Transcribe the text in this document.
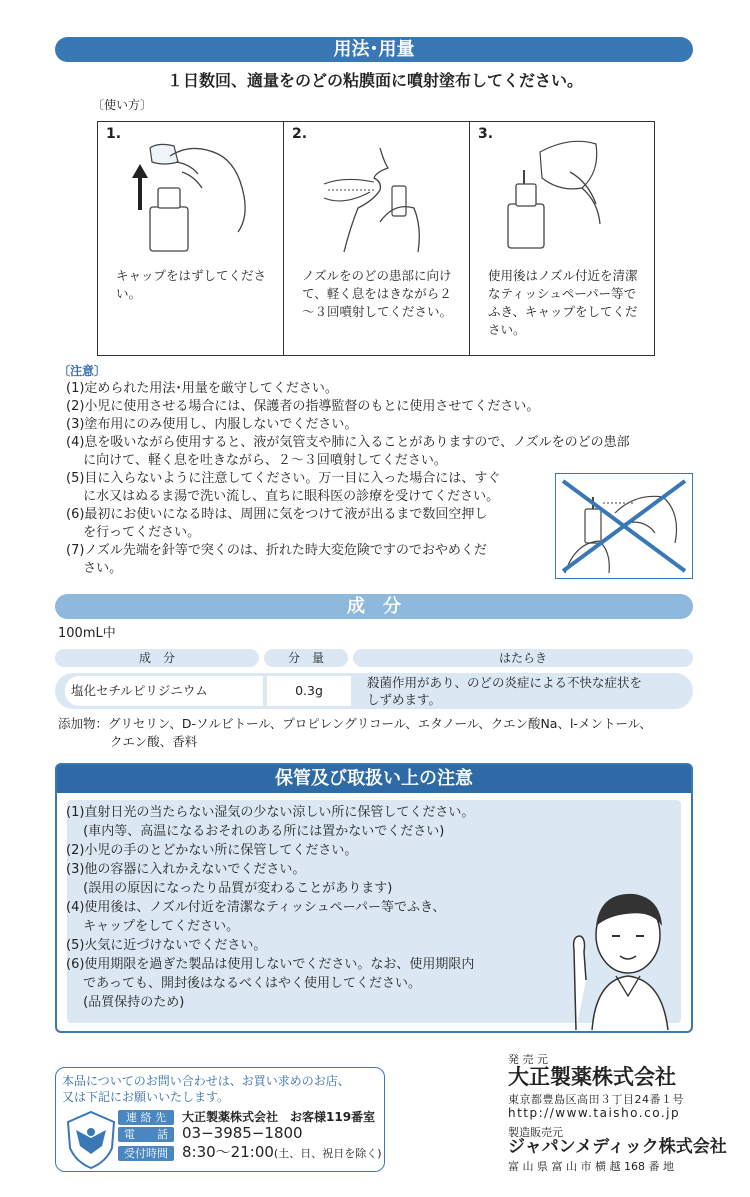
用法･用量
１日数回、適量をのどの粘膜面に噴射塗布してください。
〔使い方〕
1.
キャップをはずしてください。
2.
ノズルをのどの患部に向けて、軽く息をはきながら２～３回噴射してください。
3.
使用後はノズル付近を清潔なティッシュペーパー等でふき、キャップをしてください。
〔注意〕
(1)定められた用法･用量を厳守してください。
(2)小児に使用させる場合には、保護者の指導監督のもとに使用させてください。
(3)塗布用にのみ使用し、内服しないでください。
(4)息を吸いながら使用すると、液が気管支や肺に入ることがありますので、ノズルをのどの患部
　 に向けて、軽く息を吐きながら、２～３回噴射してください。
(5)目に入らないように注意してください。万一目に入った場合には、すぐ
　 に水又はぬるま湯で洗い流し、直ちに眼科医の診療を受けてください。
(6)最初にお使いになる時は、周囲に気をつけて液が出るまで数回空押し
　 を行ってください。
(7)ノズル先端を針等で突くのは、折れた時大変危険ですのでおやめくだ
　 さい。
成　分
100mL中
成　分	分　量	はたらき
塩化セチルピリジニウム	0.3g
殺菌作用があり、のどの炎症による不快な症状を
しずめます。
添加物：グリセリン、D-ソルビトール、プロピレングリコール、エタノール、クエン酸Na、l-メントール、
クエン酸、香料
保管及び取扱い上の注意
(1)直射日光の当たらない湿気の少ない涼しい所に保管してください。
　 (車内等、高温になるおそれのある所には置かないでください)
(2)小児の手のとどかない所に保管してください。
(3)他の容器に入れかえないでください。
　 (誤用の原因になったり品質が変わることがあります)
(4)使用後は、ノズル付近を清潔なティッシュペーパー等でふき、
　 キャップをしてください。
(5)火気に近づけないでください。
(6)使用期限を過ぎた製品は使用しないでください。なお、使用期限内
　 であっても、開封後はなるべくはやく使用してください。
　 (品質保持のため)
本品についてのお問い合わせは、お買い求めのお店、
又は下記にお願いいたします。
連 絡 先	大正製薬株式会社　お客様119番室
電　　話 03−3985−1800
受付時間 8:30〜21:00(土、日、祝日を除く)
発 売 元
大正製薬株式会社
東京都豊島区高田３丁目24番１号
http://www.taisho.co.jp
製造販売元
ジャパンメディック株式会社
富 山 県 富 山 市 横 越 168 番 地
